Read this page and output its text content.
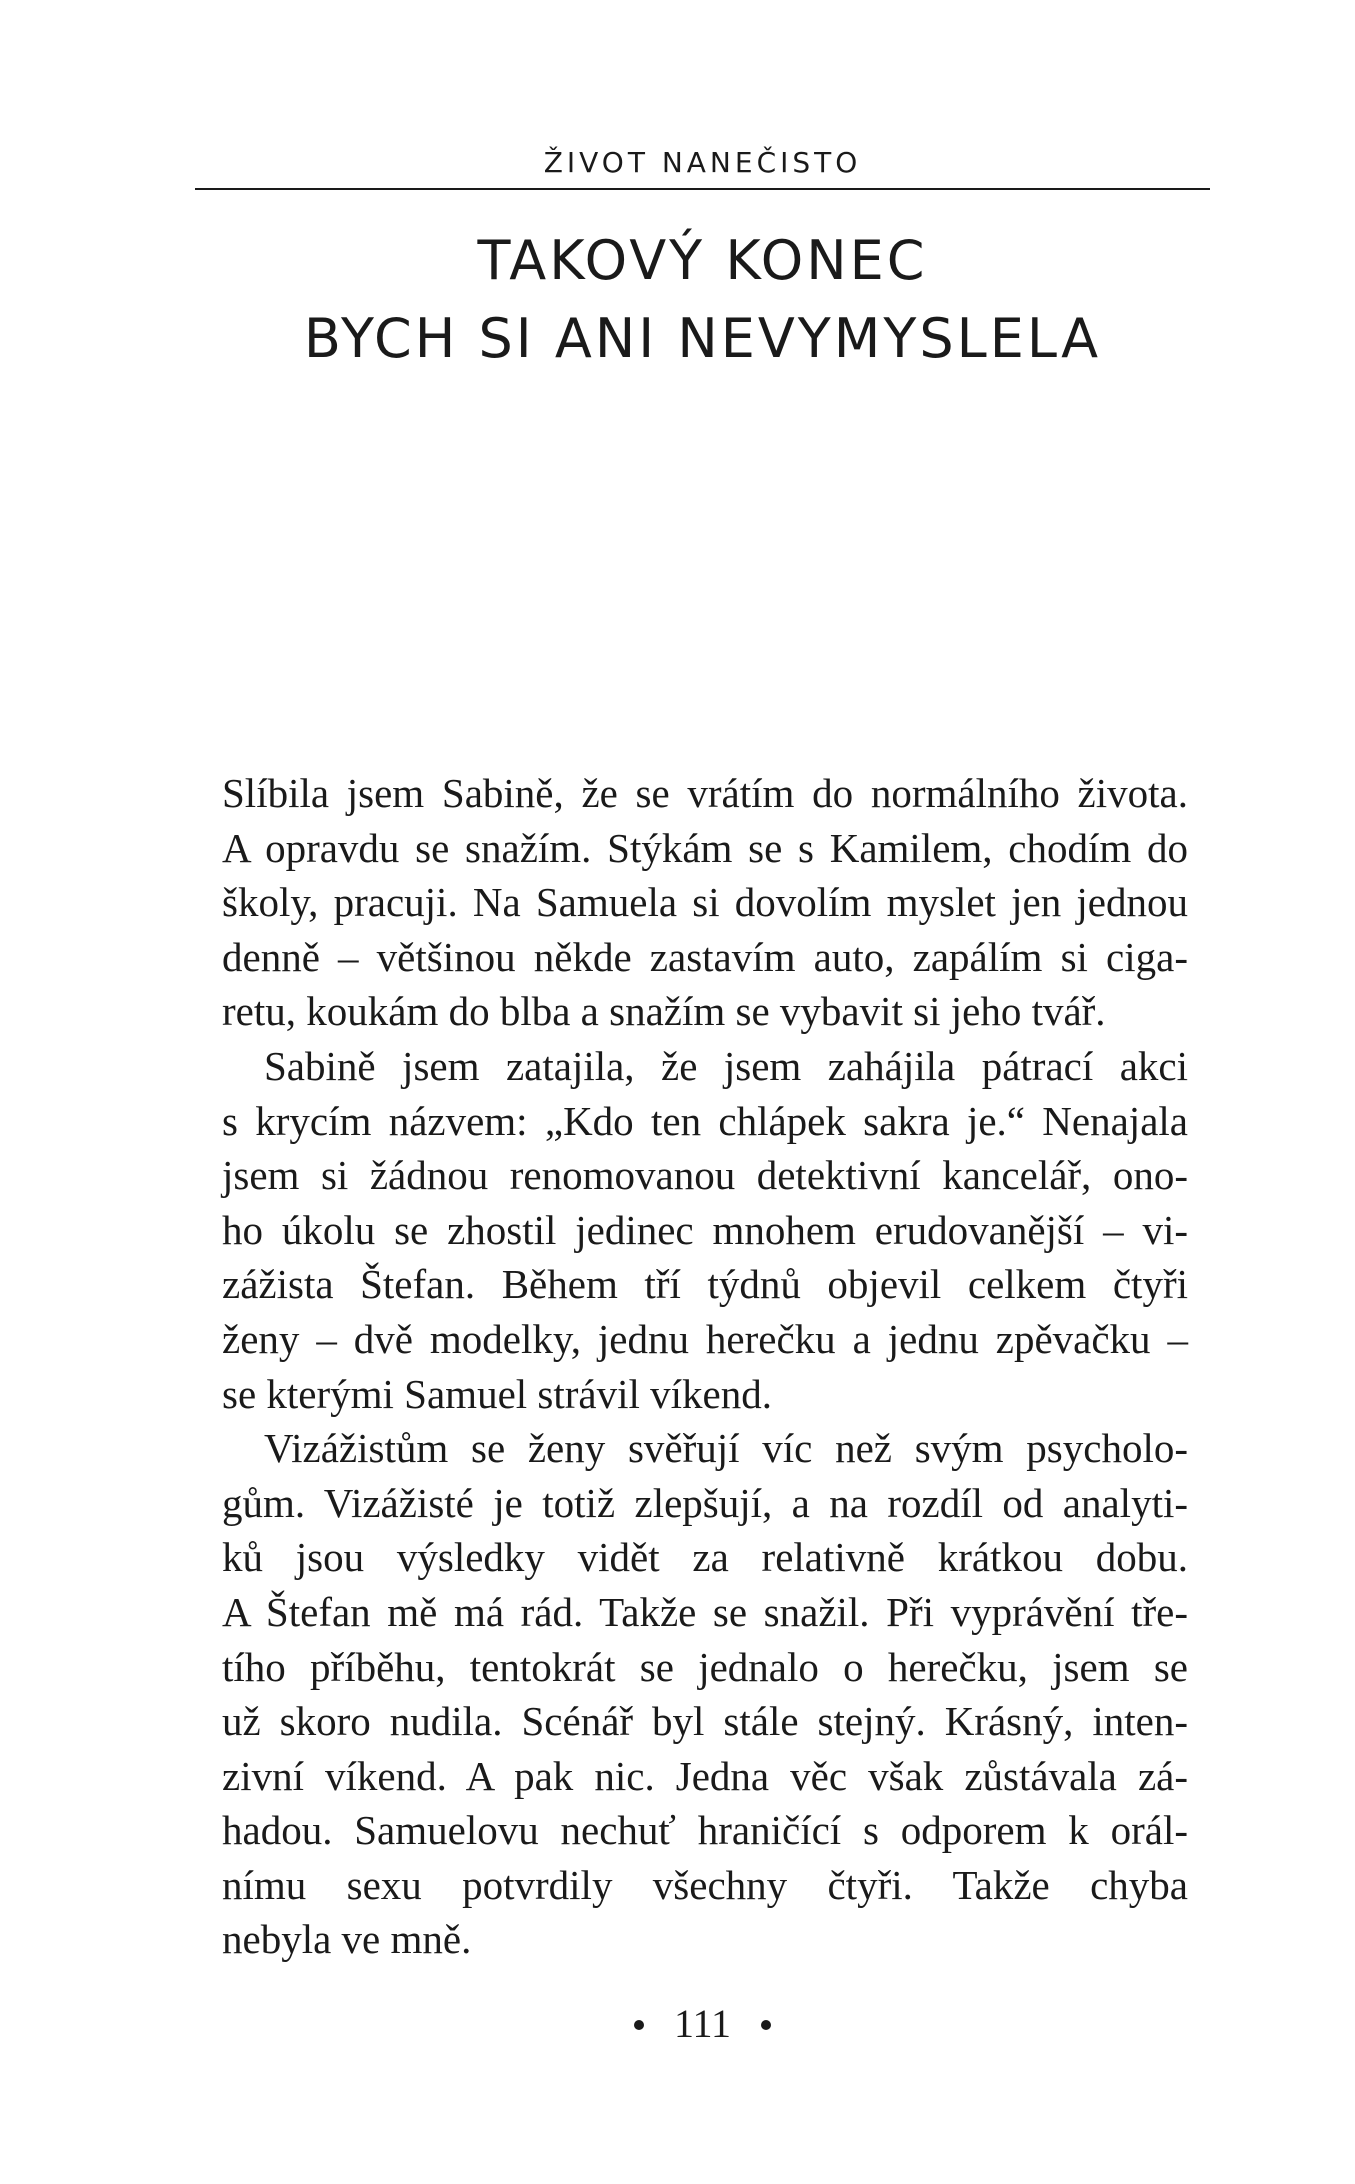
ŽIVOT NANEČISTO
TAKOVÝ KONEC
BYCH SI ANI NEVYMYSLELA
Slíbila jsem Sabině, že se vrátím do normálního života.
A opravdu se snažím. Stýkám se s Kamilem, chodím do
školy, pracuji. Na Samuela si dovolím myslet jen jednou
denně – většinou někde zastavím auto, zapálím si ciga-
retu, koukám do blba a snažím se vybavit si jeho tvář.
Sabině jsem zatajila, že jsem zahájila pátrací akci
s krycím názvem: „Kdo ten chlápek sakra je.“ Nenajala
jsem si žádnou renomovanou detektivní kancelář, ono-
ho úkolu se zhostil jedinec mnohem erudovanější – vi-
zážista Štefan. Během tří týdnů objevil celkem čtyři
ženy – dvě modelky, jednu herečku a jednu zpěvačku –
se kterými Samuel strávil víkend.
Vizážistům se ženy svěřují víc než svým psycholo-
gům. Vizážisté je totiž zlepšují, a na rozdíl od analyti-
ků jsou výsledky vidět za relativně krátkou dobu.
A Štefan mě má rád. Takže se snažil. Při vyprávění tře-
tího příběhu, tentokrát se jednalo o herečku, jsem se
už skoro nudila. Scénář byl stále stejný. Krásný, inten-
zivní víkend. A pak nic. Jedna věc však zůstávala zá-
hadou. Samuelovu nechuť hraničící s odporem k orál-
nímu sexu potvrdily všechny čtyři. Takže chyba
nebyla ve mně.
111
